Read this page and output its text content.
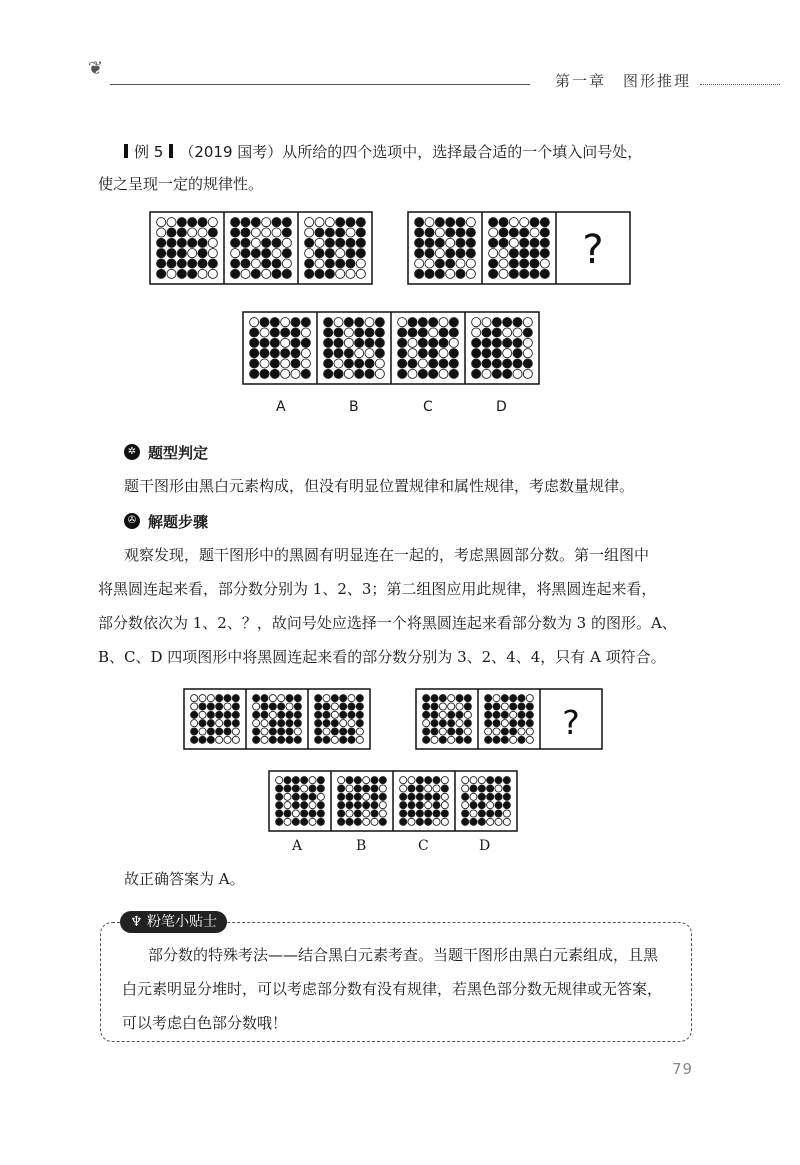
❦
第一章　图形推理
例 5 （2019 国考）从所给的四个选项中，选择最合适的一个填入问号处，
使之呈现一定的规律性。
?
?
A	B	C	D
✲ 题型判定
题干图形由黑白元素构成，但没有明显位置规律和属性规律，考虑数量规律。
✇ 解题步骤
观察发现，题干图形中的黑圆有明显连在一起的，考虑黑圆部分数。第一组图中
将黑圆连起来看，部分数分别为 1、2、3；第二组图应用此规律，将黑圆连起来看，
部分数依次为 1、2、？，故问号处应选择一个将黑圆连起来看部分数为 3 的图形。A、
B、C、D 四项图形中将黑圆连起来看的部分数分别为 3、2、4、4，只有 A 项符合。
A	B	C	D
故正确答案为 A。
♆ 粉笔小贴士
部分数的特殊考法——结合黑白元素考查。当题干图形由黑白元素组成，且黑
白元素明显分堆时，可以考虑部分数有没有规律，若黑色部分数无规律或无答案，
可以考虑白色部分数哦！
79
